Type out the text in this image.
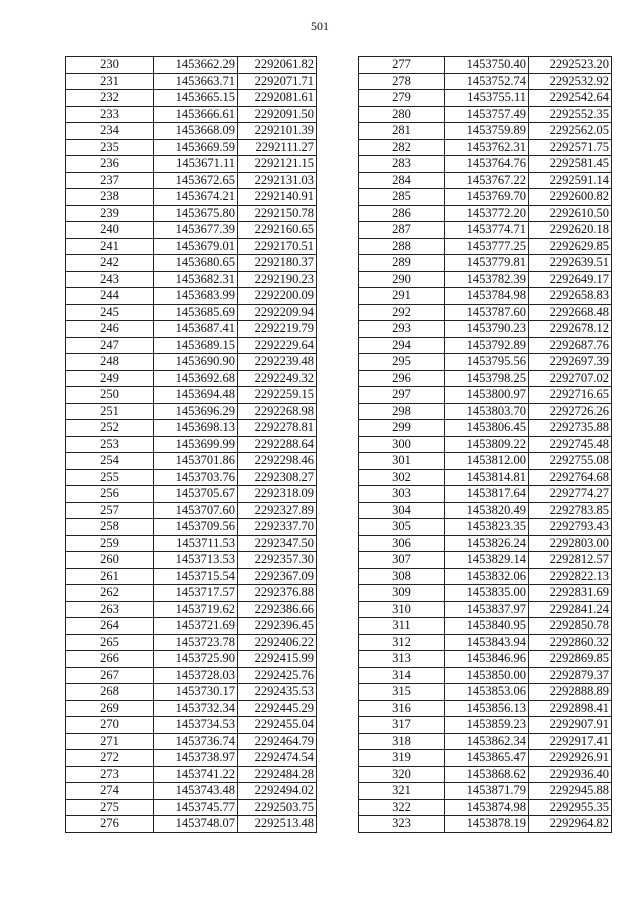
501
230	1453662.29	2292061.82
231	1453663.71	2292071.71
232	1453665.15	2292081.61
233	1453666.61	2292091.50
234	1453668.09	2292101.39
235	1453669.59	2292111.27
236	1453671.11	2292121.15
237	1453672.65	2292131.03
238	1453674.21	2292140.91
239	1453675.80	2292150.78
240	1453677.39	2292160.65
241	1453679.01	2292170.51
242	1453680.65	2292180.37
243	1453682.31	2292190.23
244	1453683.99	2292200.09
245	1453685.69	2292209.94
246	1453687.41	2292219.79
247	1453689.15	2292229.64
248	1453690.90	2292239.48
249	1453692.68	2292249.32
250	1453694.48	2292259.15
251	1453696.29	2292268.98
252	1453698.13	2292278.81
253	1453699.99	2292288.64
254	1453701.86	2292298.46
255	1453703.76	2292308.27
256	1453705.67	2292318.09
257	1453707.60	2292327.89
258	1453709.56	2292337.70
259	1453711.53	2292347.50
260	1453713.53	2292357.30
261	1453715.54	2292367.09
262	1453717.57	2292376.88
263	1453719.62	2292386.66
264	1453721.69	2292396.45
265	1453723.78	2292406.22
266	1453725.90	2292415.99
267	1453728.03	2292425.76
268	1453730.17	2292435.53
269	1453732.34	2292445.29
270	1453734.53	2292455.04
271	1453736.74	2292464.79
272	1453738.97	2292474.54
273	1453741.22	2292484.28
274	1453743.48	2292494.02
275	1453745.77	2292503.75
276	1453748.07	2292513.48
277	1453750.40	2292523.20
278	1453752.74	2292532.92
279	1453755.11	2292542.64
280	1453757.49	2292552.35
281	1453759.89	2292562.05
282	1453762.31	2292571.75
283	1453764.76	2292581.45
284	1453767.22	2292591.14
285	1453769.70	2292600.82
286	1453772.20	2292610.50
287	1453774.71	2292620.18
288	1453777.25	2292629.85
289	1453779.81	2292639.51
290	1453782.39	2292649.17
291	1453784.98	2292658.83
292	1453787.60	2292668.48
293	1453790.23	2292678.12
294	1453792.89	2292687.76
295	1453795.56	2292697.39
296	1453798.25	2292707.02
297	1453800.97	2292716.65
298	1453803.70	2292726.26
299	1453806.45	2292735.88
300	1453809.22	2292745.48
301	1453812.00	2292755.08
302	1453814.81	2292764.68
303	1453817.64	2292774.27
304	1453820.49	2292783.85
305	1453823.35	2292793.43
306	1453826.24	2292803.00
307	1453829.14	2292812.57
308	1453832.06	2292822.13
309	1453835.00	2292831.69
310	1453837.97	2292841.24
311	1453840.95	2292850.78
312	1453843.94	2292860.32
313	1453846.96	2292869.85
314	1453850.00	2292879.37
315	1453853.06	2292888.89
316	1453856.13	2292898.41
317	1453859.23	2292907.91
318	1453862.34	2292917.41
319	1453865.47	2292926.91
320	1453868.62	2292936.40
321	1453871.79	2292945.88
322	1453874.98	2292955.35
323	1453878.19	2292964.82
